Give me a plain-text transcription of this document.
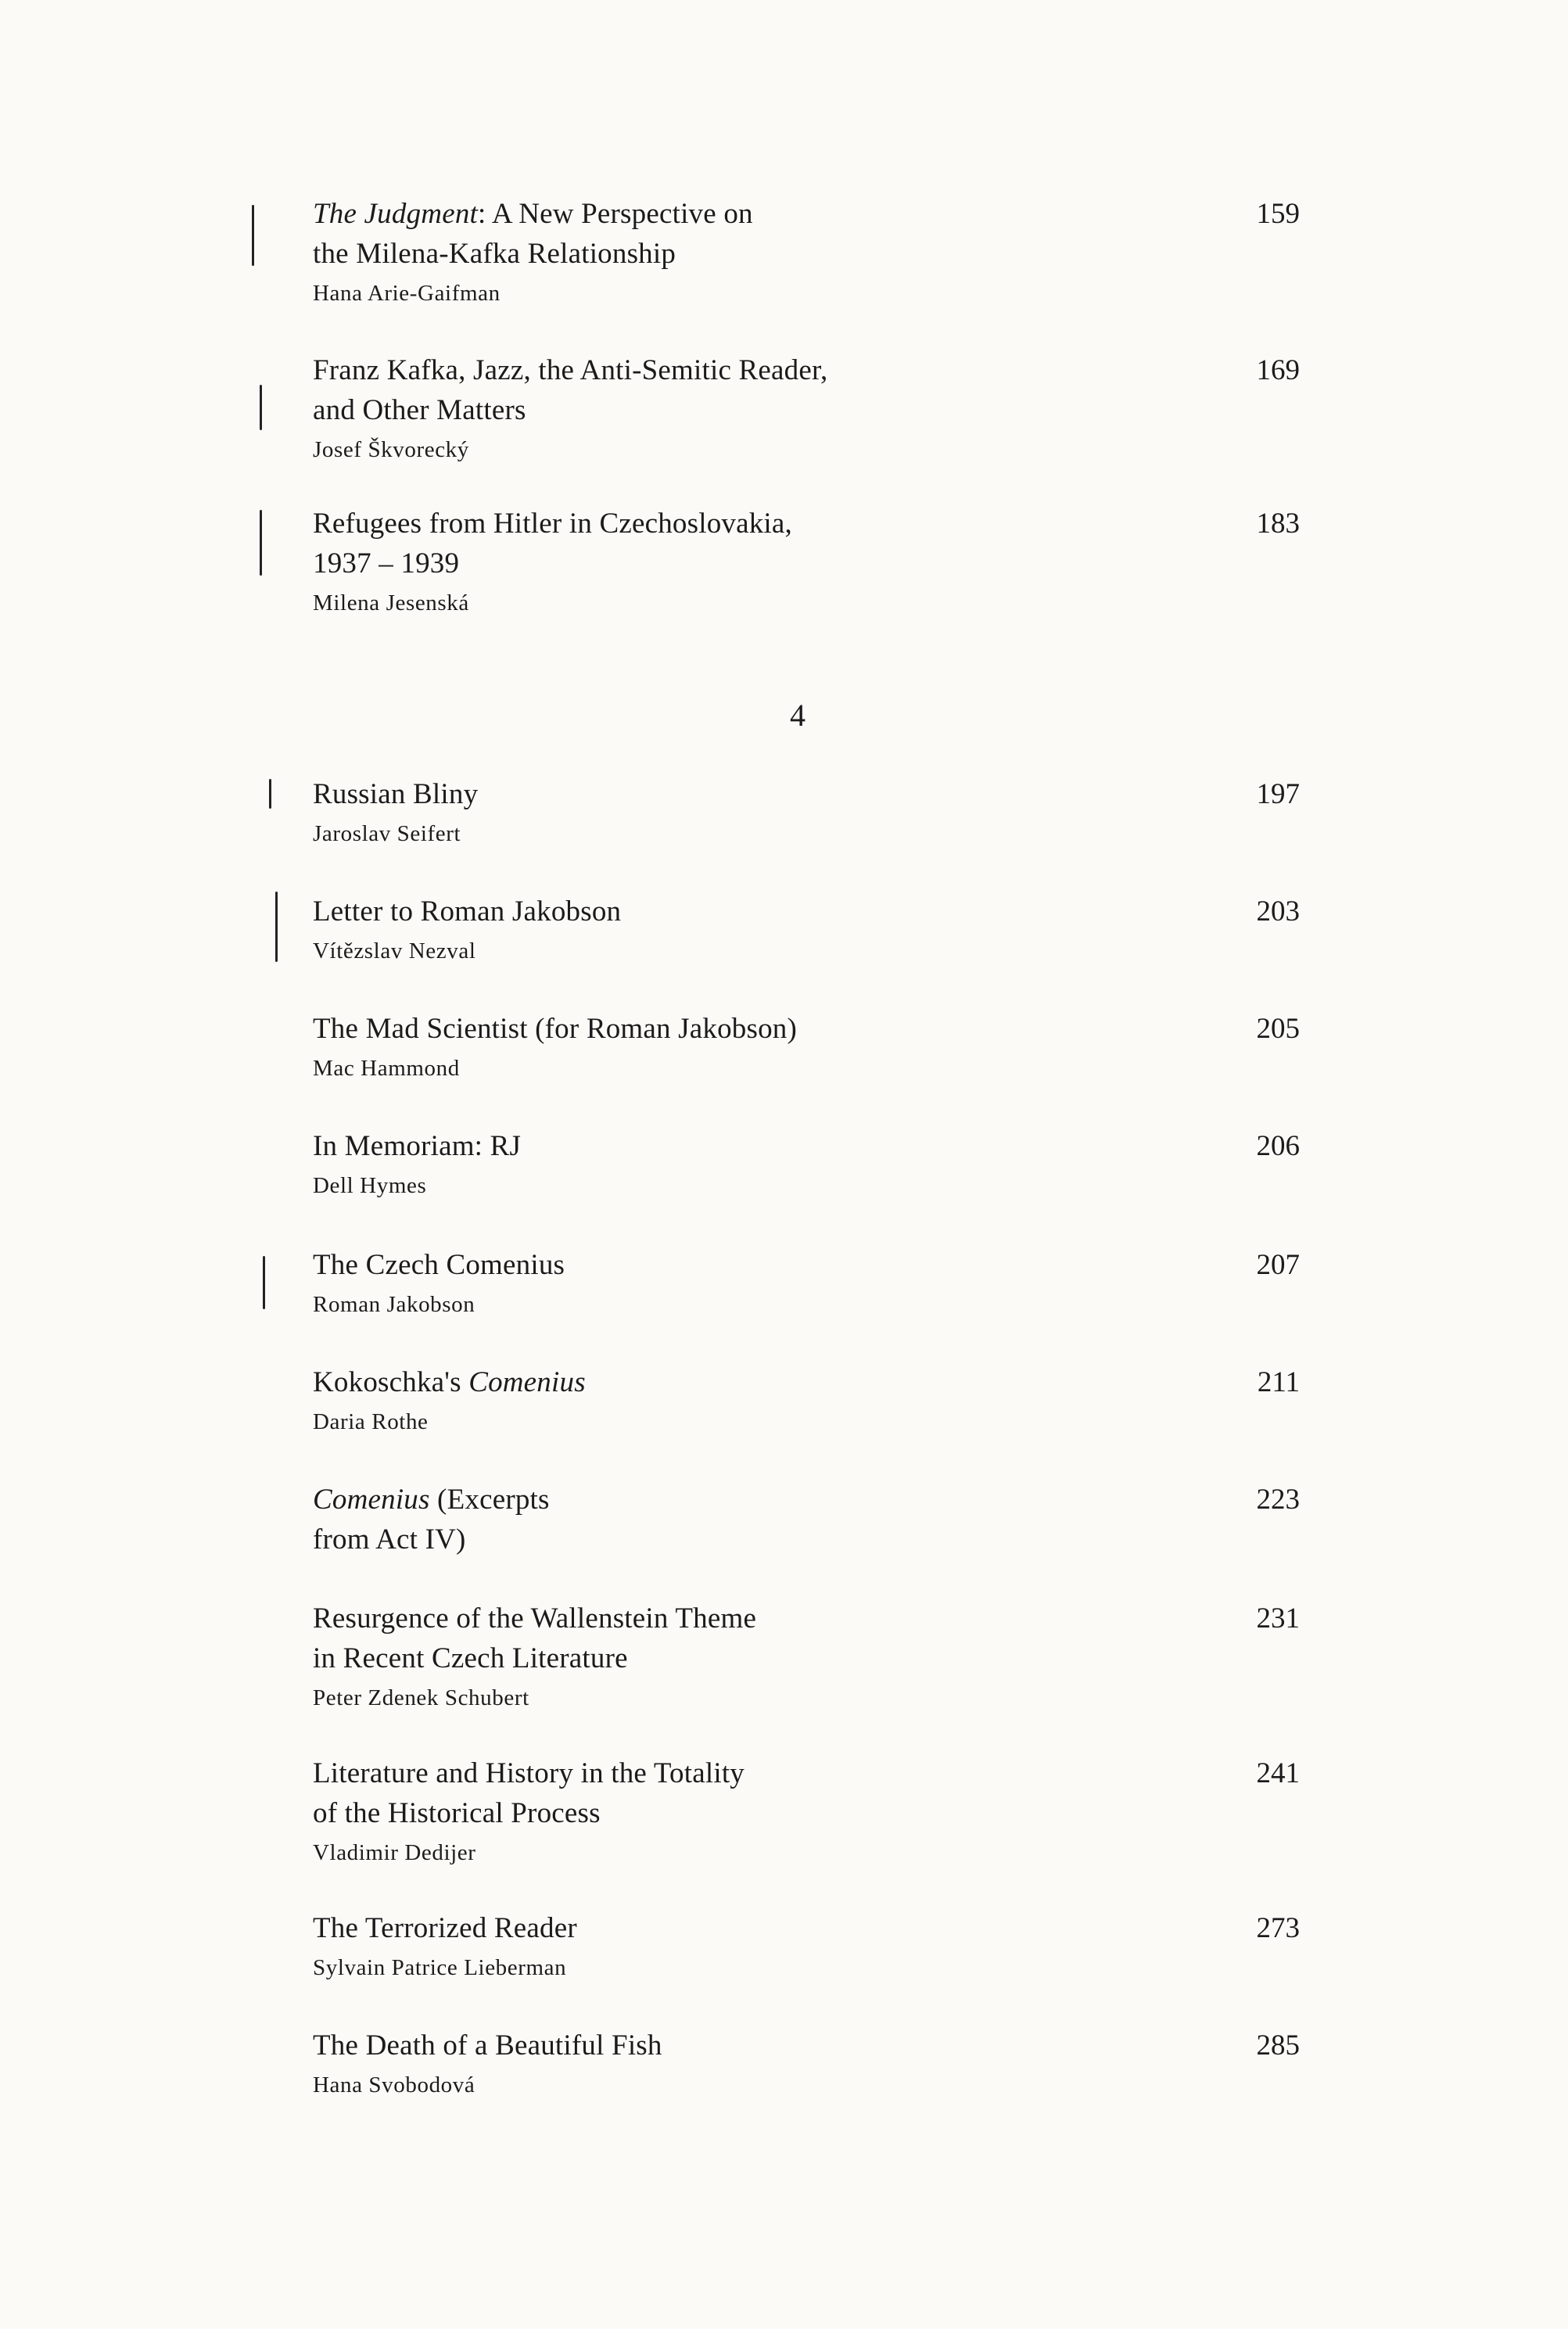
The Judgment: A New Perspective on
the Milena-Kafka Relationship
Hana Arie-Gaifman
159
Franz Kafka, Jazz, the Anti-Semitic Reader,
and Other Matters
Josef Škvorecký
169
Refugees from Hitler in Czechoslovakia,
1937 – 1939
Milena Jesenská
183
4
Russian Bliny
Jaroslav Seifert
197
Letter to Roman Jakobson
Vítězslav Nezval
203
The Mad Scientist (for Roman Jakobson)
Mac Hammond
205
In Memoriam: RJ
Dell Hymes
206
The Czech Comenius
Roman Jakobson
207
Kokoschka's Comenius
Daria Rothe
211
Comenius (Excerpts
from Act IV)
223
Resurgence of the Wallenstein Theme
in Recent Czech Literature
Peter Zdenek Schubert
231
Literature and History in the Totality
of the Historical Process
Vladimir Dedijer
241
The Terrorized Reader
Sylvain Patrice Lieberman
273
The Death of a Beautiful Fish
Hana Svobodová
285
